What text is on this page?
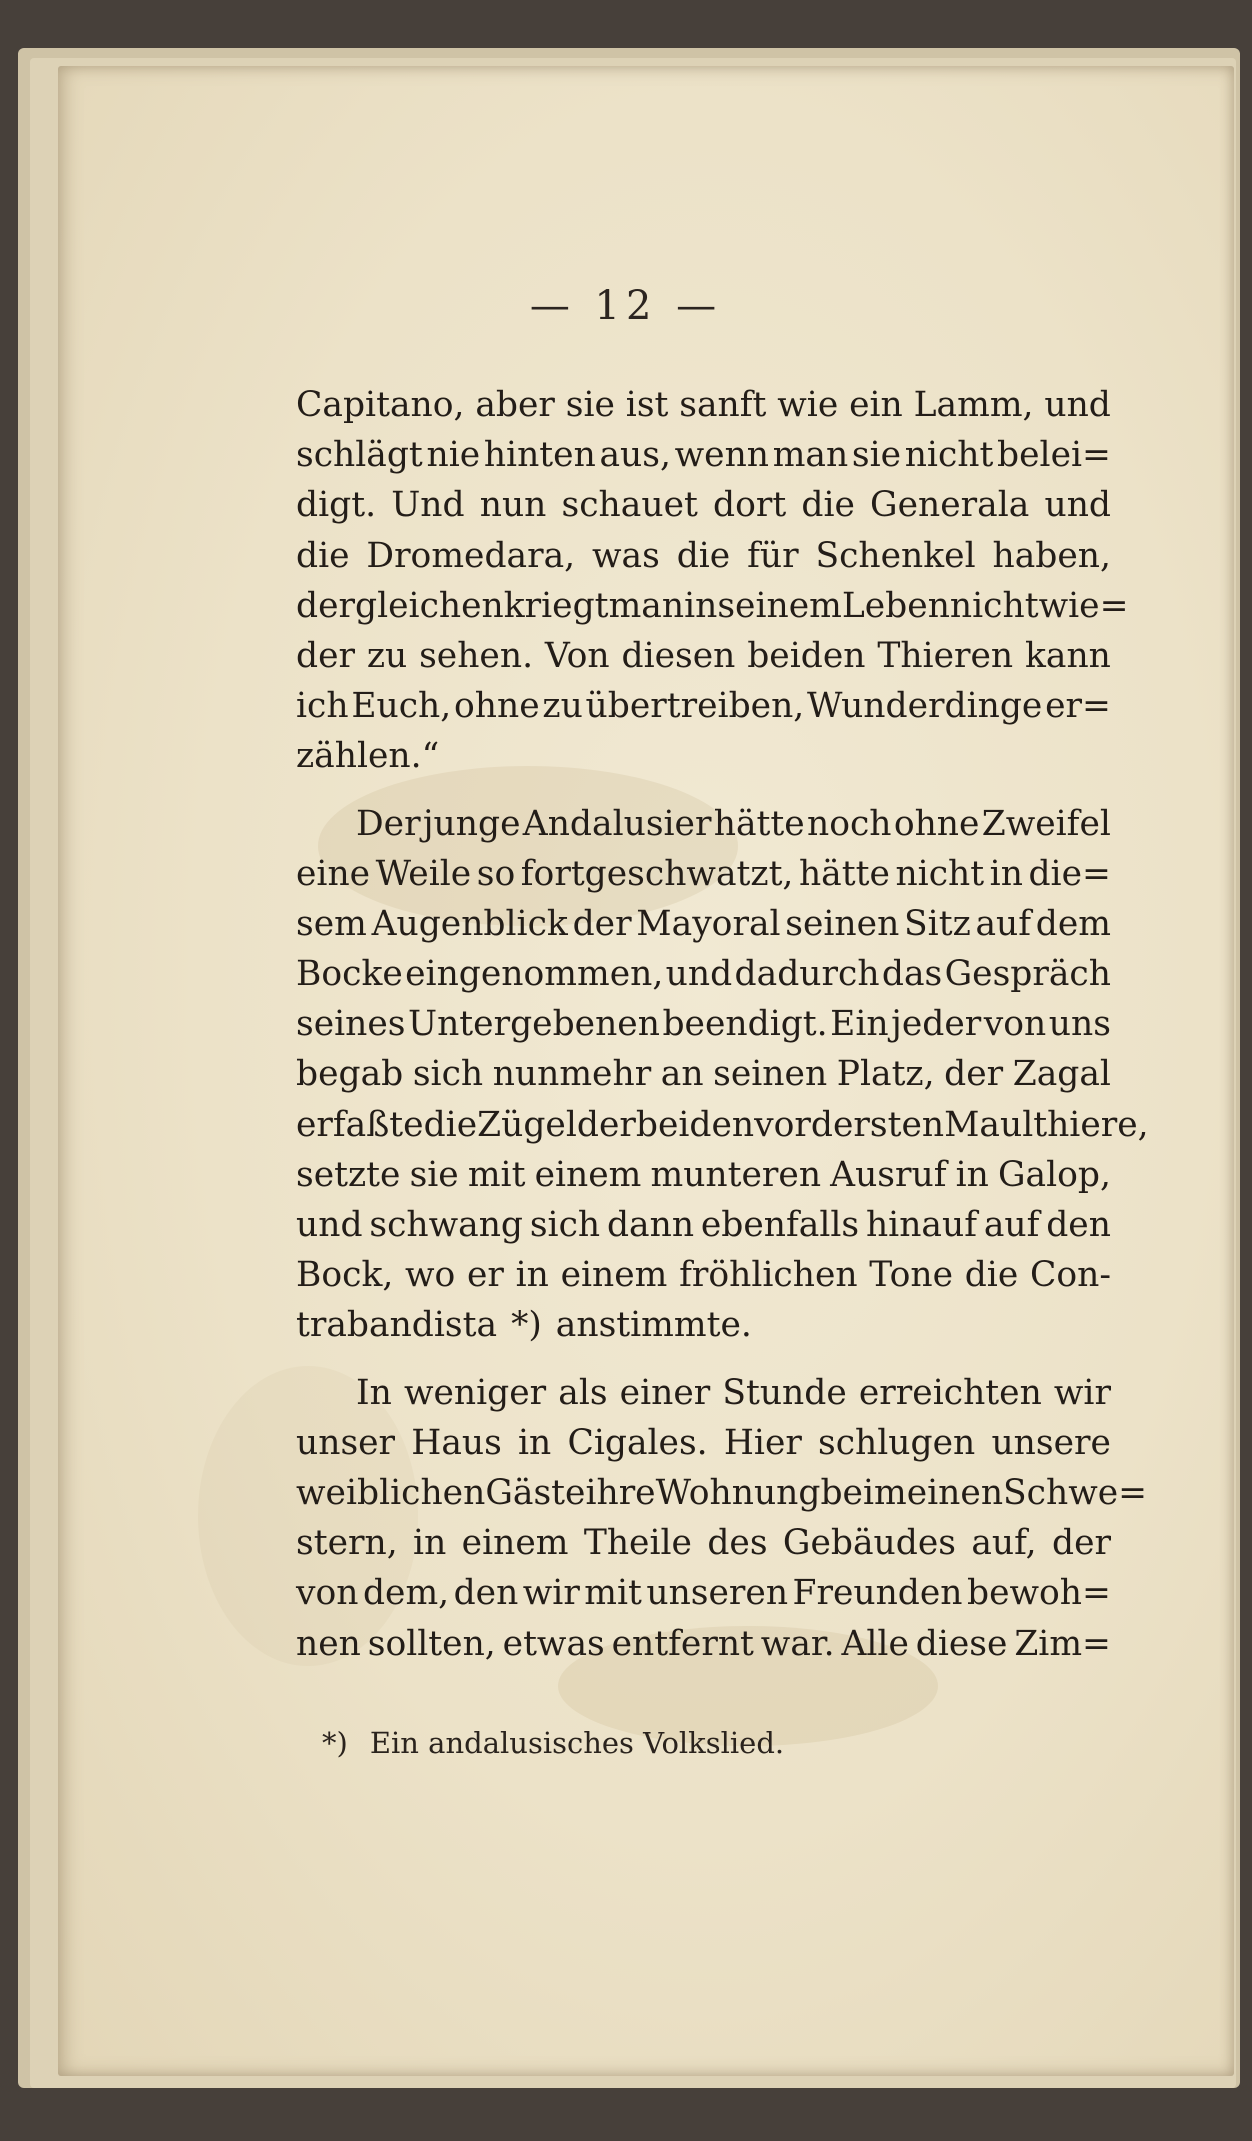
— 12 —
Capitano, aber sie ist sanft wie ein Lamm, und
schlägt nie hinten aus, wenn man sie nicht belei=
digt. Und nun schauet dort die Generala und
die Dromedara, was die für Schenkel haben,
dergleichen kriegt man in seinem Leben nicht wie=
der zu sehen. Von diesen beiden Thieren kann
ich Euch, ohne zu übertreiben, Wunderdinge er=
zählen.“
Der junge Andalusier hätte noch ohne Zweifel
eine Weile so fortgeschwatzt, hätte nicht in die=
sem Augenblick der Mayoral seinen Sitz auf dem
Bocke eingenommen, und dadurch das Gespräch
seines Untergebenen beendigt. Ein jeder von uns
begab sich nunmehr an seinen Platz, der Zagal
erfaßte die Zügel der beiden vordersten Maulthiere,
setzte sie mit einem munteren Ausruf in Galop,
und schwang sich dann ebenfalls hinauf auf den
Bock, wo er in einem fröhlichen Tone die Con-
trabandista *) anstimmte.
In weniger als einer Stunde erreichten wir
unser Haus in Cigales. Hier schlugen unsere
weiblichen Gäste ihre Wohnung bei meinen Schwe=
stern, in einem Theile des Gebäudes auf, der
von dem, den wir mit unseren Freunden bewoh=
nen sollten, etwas entfernt war. Alle diese Zim=
*) Ein andalusisches Volkslied.
